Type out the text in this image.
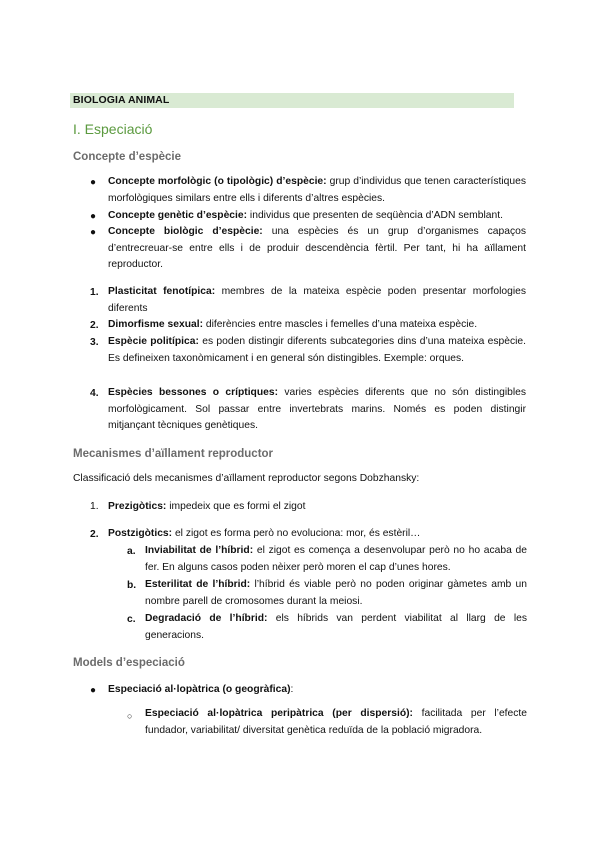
BIOLOGIA ANIMAL
I. Especiació
Concepte d’espècie
● Concepte morfològic (o tipològic) d’espècie: grup d’individus que tenen característiques morfològiques similars entre ells i diferents d’altres espècies.
● Concepte genètic d’espècie: individus que presenten de seqüència d’ADN semblant.
● Concepte biològic d’espècie: una espècies és un grup d’organismes capaços d’entrecreuar-se entre ells i de produir descendència fèrtil. Per tant, hi ha aïllament reproductor.
1. Plasticitat fenotípica: membres de la mateixa espècie poden presentar morfologies diferents
2. Dimorfisme sexual: diferències entre mascles i femelles d’una mateixa espècie.
3. Espècie politípica: es poden distingir diferents subcategories dins d’una mateixa espècie. Es defineixen taxonòmicament i en general són distingibles. Exemple: orques.
4. Espècies bessones o críptiques: varies espècies diferents que no són distingibles morfològicament. Sol passar entre invertebrats marins. Només es poden distingir mitjançant tècniques genètiques.
Mecanismes d’aïllament reproductor
Classificació dels mecanismes d’aïllament reproductor segons Dobzhansky:
1. Prezigòtics: impedeix que es formi el zigot
2. Postzigòtics: el zigot es forma però no evoluciona: mor, és estèril…
a. Inviabilitat de l’híbrid: el zigot es comença a desenvolupar però no ho acaba de fer. En alguns casos poden nèixer però moren el cap d’unes hores.
b. Esterilitat de l’híbrid: l’híbrid és viable però no poden originar gàmetes amb un nombre parell de cromosomes durant la meiosi.
c. Degradació de l’híbrid: els híbrids van perdent viabilitat al llarg de les generacions.
Models d’especiació
● Especiació al·lopàtrica (o geogràfica):
○ Especiació al·lopàtrica peripàtrica (per dispersió): facilitada per l’efecte fundador, variabilitat/ diversitat genètica reduïda de la població migradora.
